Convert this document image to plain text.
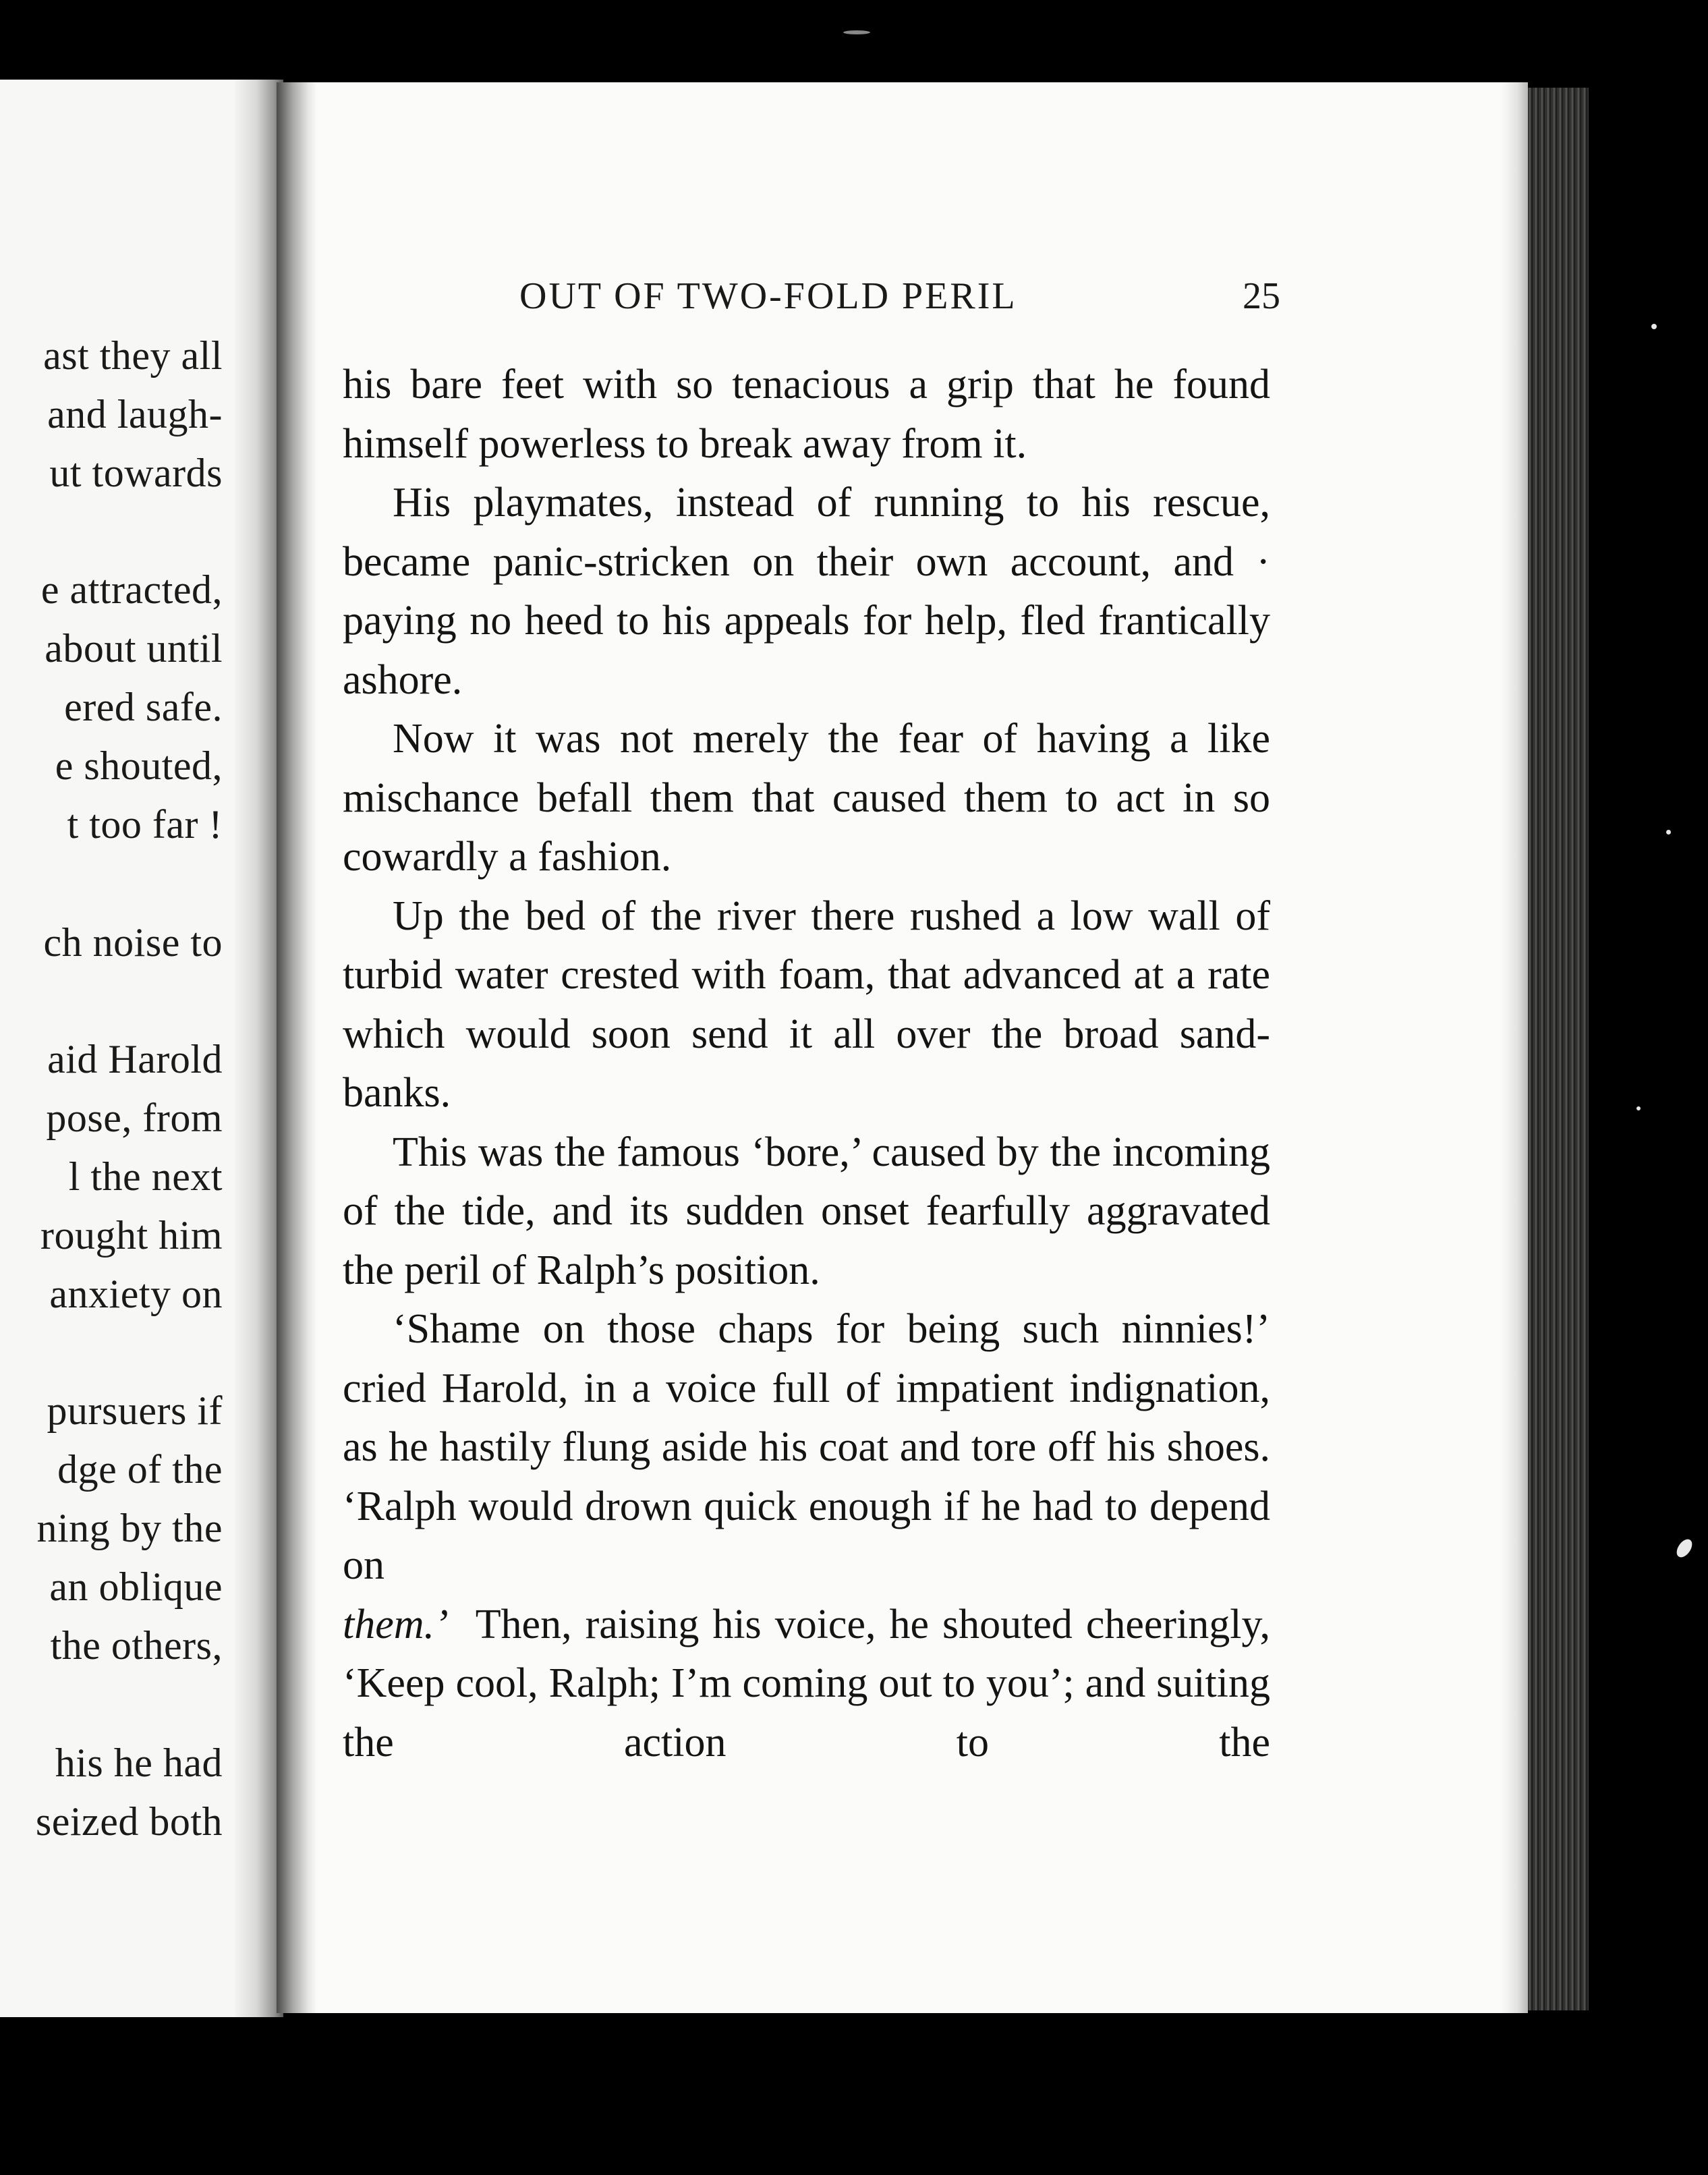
ast they all
and laugh-
ut towards
e attracted,
about until
ered safe.
e shouted,
t too far !
ch noise to
aid Harold
pose, from
l the next
rought him
anxiety on
pursuers if
dge of the
ning by the
an oblique
the others,
his he had
seized both
OUT OF TWO-FOLD PERIL	25

his bare feet with so tenacious a grip that he found himself powerless to break away from it.

His playmates, instead of running to his rescue, became panic-stricken on their own account, and · paying no heed to his appeals for help, fled frantically ashore.

Now it was not merely the fear of having a like mischance befall them that caused them to act in so cowardly a fashion.

Up the bed of the river there rushed a low wall of turbid water crested with foam, that advanced at a rate which would soon send it all over the broad sand-banks.

This was the famous ‘bore,’ caused by the incoming of the tide, and its sudden onset fearfully aggravated the peril of Ralph’s position.

‘Shame on those chaps for being such ninnies!’ cried Harold, in a voice full of impatient indignation, as he hastily flung aside his coat and tore off his shoes. ‘Ralph would drown quick enough if he had to depend on

them.’ Then, raising his voice, he shouted cheeringly, ‘Keep cool, Ralph; I’m coming out to you’; and suiting the action to the
